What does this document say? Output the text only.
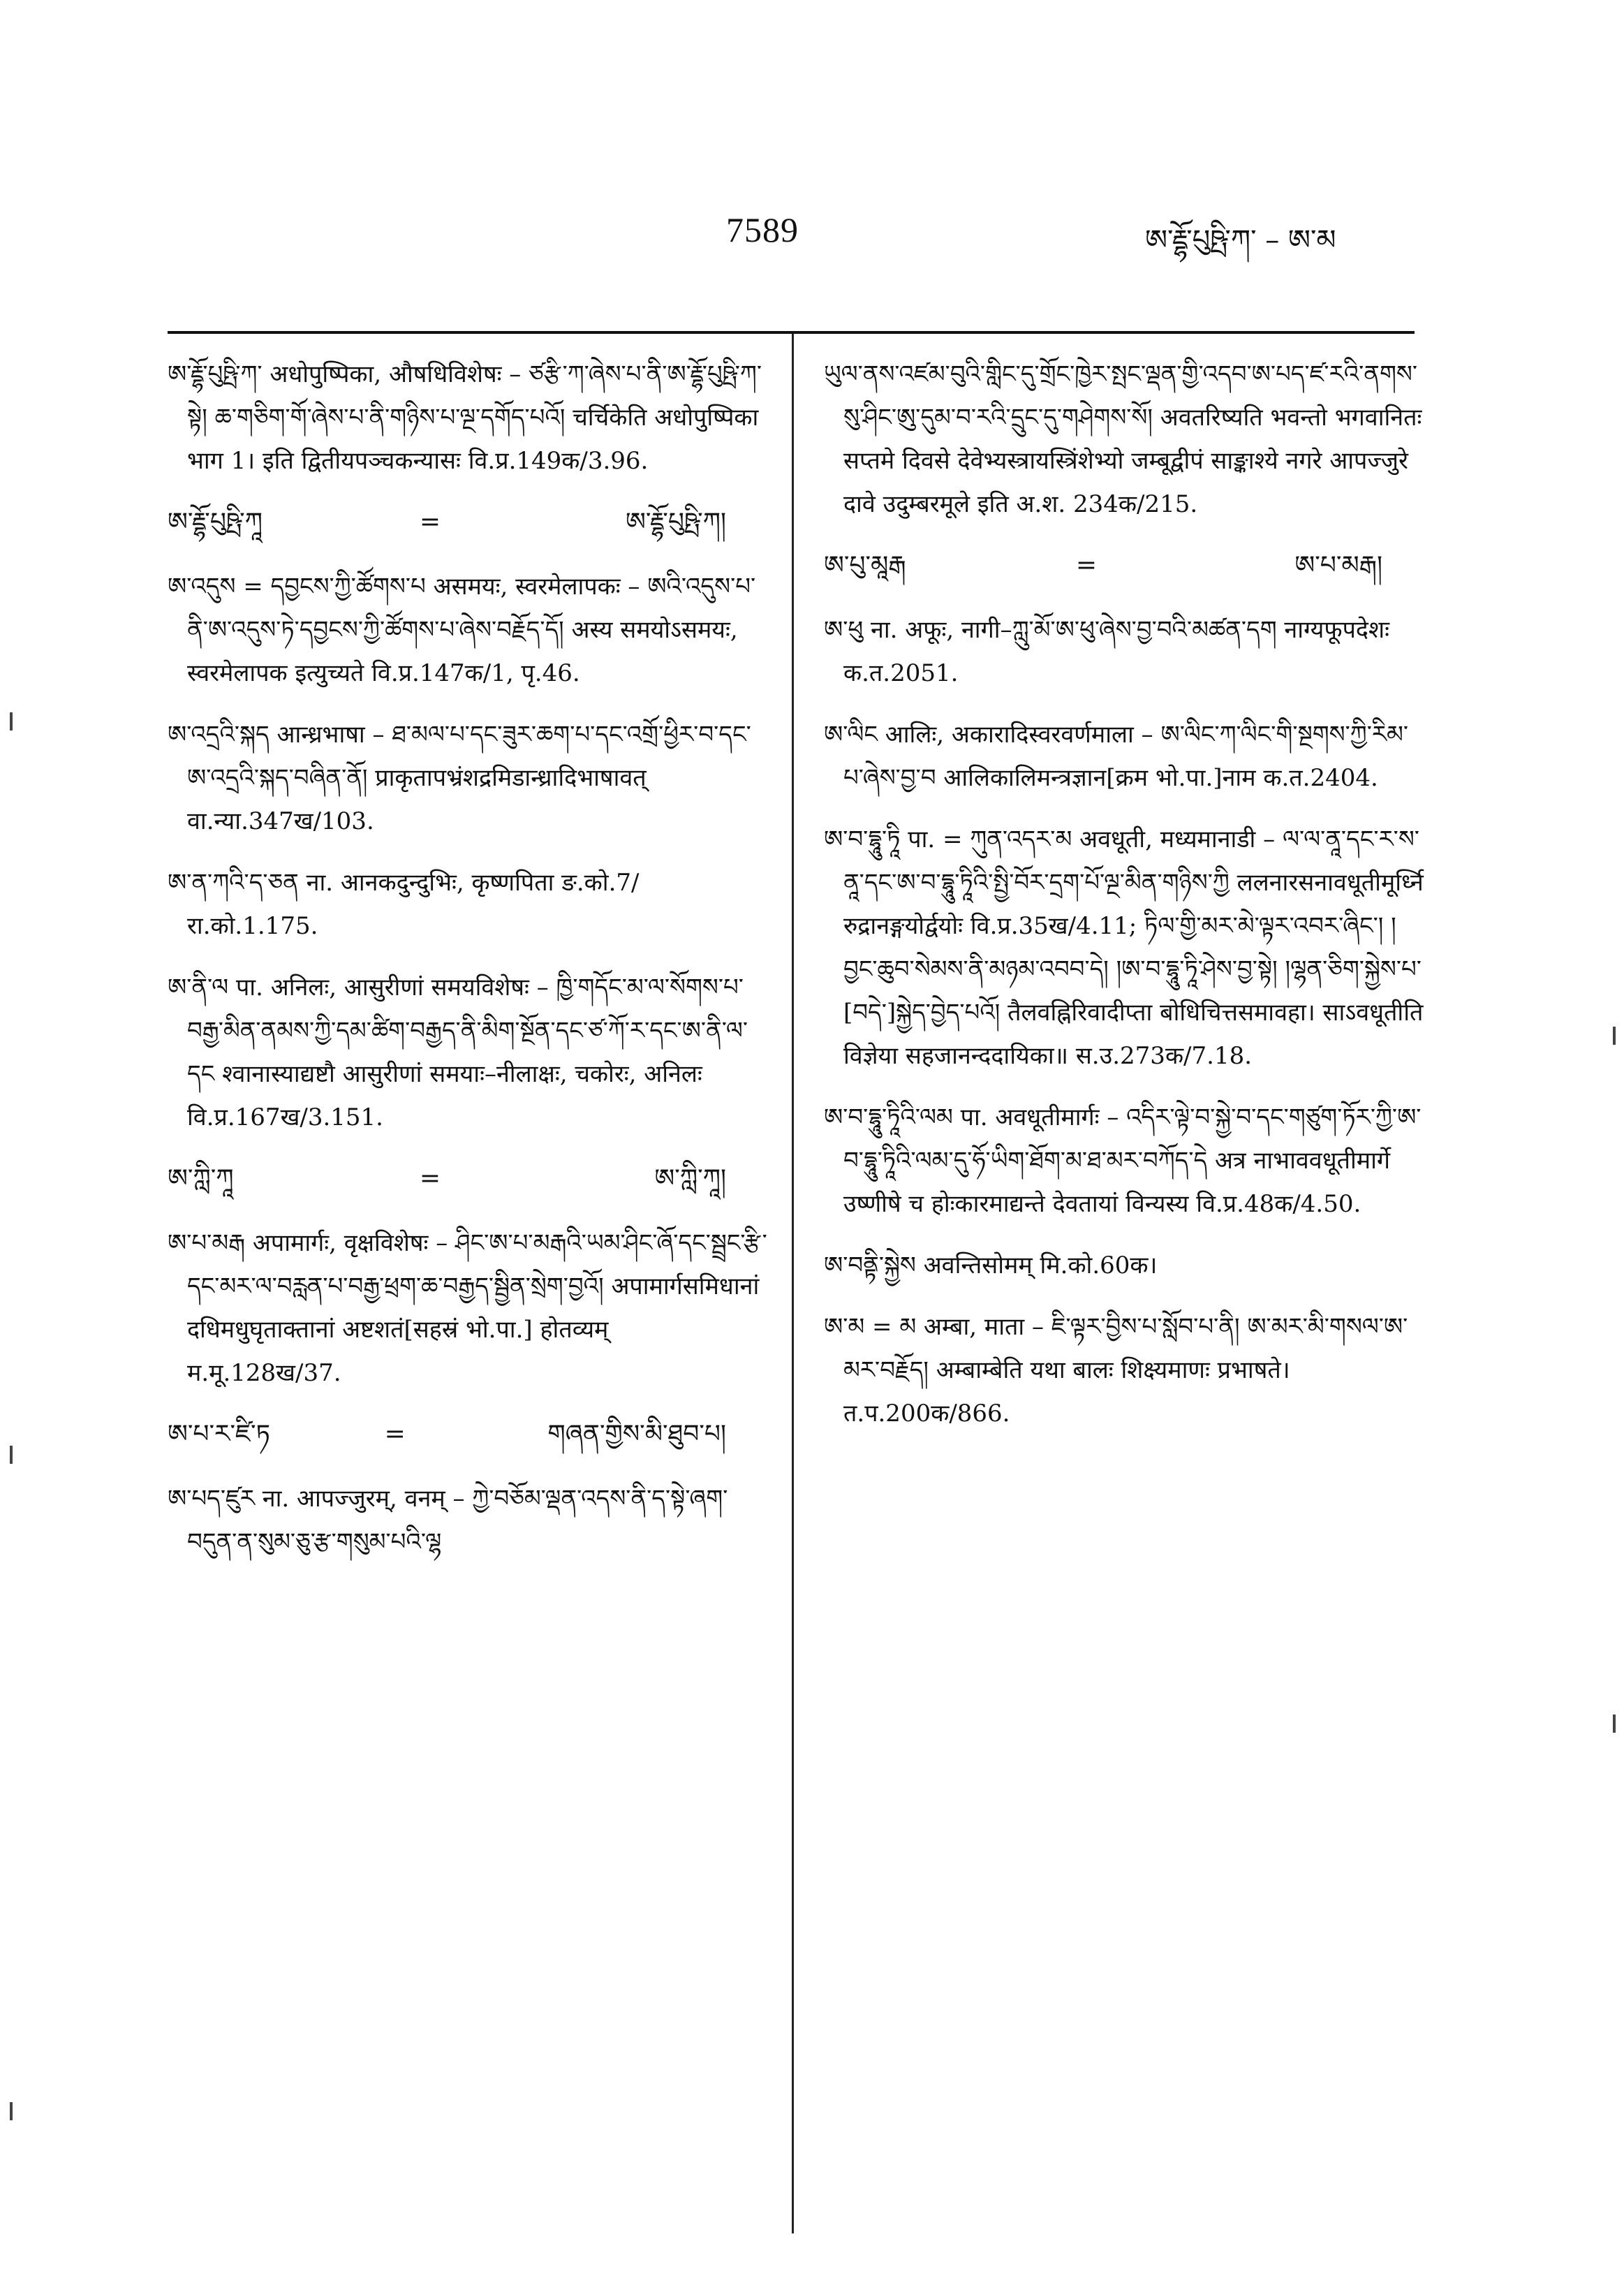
7589	ཨ་རྡྷོ་པུཥྤི་ཀ་ – ཨ་མ

ཨ་རྡྷོ་པུཥྤི་ཀ་ अधोपुष्पिका, औषधिविशेषः – ཙརྩི་ཀ་ཞེས་པ་ནི་ཨ་རྡྷོ་པུཥྤི་ཀ་སྟེ། ཆ་གཅིག་གོ་ཞེས་པ་ནི་གཉིས་པ་ལྔ་དགོད་པའོ། चर्चिकेति अधोपुष्पिका भाग 1। इति द्वितीयपञ्चकन्यासः वि.प्र.149क/3.96.

ཨ་རྡྷོ་པུཥྤི་ཀཱ	=	ཨ་རྡྷོ་པུཥྤི་ཀ།

ཨ་འདུས = དབྱངས་ཀྱི་ཚོགས་པ असमयः, स्वरमेलापकः – ཨའི་འདུས་པ་ནི་ཨ་འདུས་ཏེ་དབྱངས་ཀྱི་ཚོགས་པ་ཞེས་བརྗོད་དོ། अस्य समयोऽसमयः, स्वरमेलापक इत्युच्यते वि.प्र.147क/1, पृ.46.

ཨ་འདྲའི་སྐད आन्ध्रभाषा – ཐ་མལ་པ་དང་ཟུར་ཆག་པ་དང་འགྲོ་ཕྱིར་བ་དང་ཨ་འདྲའི་སྐད་བཞིན་ནོ། प्राकृतापभ्रंशद्रमिडान्ध्रादिभाषावत् वा.न्या.347ख/103.

ཨ་ན་ཀའི་ད་ཅན ना. आनकदुन्दुभिः, कृष्णपिता ङ.को.7/रा.को.1.175.

ཨ་ནི་ལ पा. अनिलः, आसुरीणां समयविशेषः – ཁྱི་གདོང་མ་ལ་སོགས་པ་བརྒྱ་མིན་ནམས་ཀྱི་དམ་ཚིག་བརྒྱད་ནི་མིག་སྔོན་དང་ཙ་ཀོ་ར་དང་ཨ་ནི་ལ་དང श्वानास्याद्यष्टौ आसुरीणां समयाः–नीलाक्षः, चकोरः, अनिलः वि.प्र.167ख/3.151.

ཨ་ཀླི་ཀཱ	=	ཨ་ཀླི་ཀཱ།

ཨ་པ་མརྒ अपामार्गः, वृक्षविशेषः – ཤིང་ཨ་པ་མརྒའི་ཡམ་ཤིང་ཞོ་དང་སྦྲང་རྩི་དང་མར་ལ་བརླན་པ་བརྒྱ་ཕྲག་ཆ་བརྒྱད་སྦྱིན་སྲེག་བྱའོ། अपामार्गसमिधानां दधिमधुघृताक्तानां अष्टशतं[सहस्रं भो.पा.] होतव्यम् म.मू.128ख/37.

ཨ་པ་ར་ཛི་ཏ	=	གཞན་གྱིས་མི་ཐུབ་པ།

ཨ་པད་ཛུར ना. आपज्जुरम्, वनम् – ཀྱེ་བཅོམ་ལྡན་འདས་ནི་ད་སྟེ་ཞག་བདུན་ན་སུམ་ཅུ་རྩ་གསུམ་པའི་ལྷ

ཡུལ་ནས་འཛམ་བུའི་གླིང་དུ་གྲོང་ཁྱེར་སྤང་ལྡན་གྱི་འདབ་ཨ་པད་ཛ་རའི་ནགས་སུ་ཤིང་ཨུ་དུམ་བ་རའི་དྲུང་དུ་གཤེགས་སོ། अवतरिष्यति भवन्तो भगवानितः सप्तमे दिवसे देवेभ्यस्त्रायस्त्रिंशेभ्यो जम्बूद्वीपं साङ्काश्ये नगरे आपज्जुरे दावे उदुम्बरमूले इति अ.श. 234क/215.

ཨ་པུ་མཱརྒ	=	ཨ་པ་མརྒ།

ཨ་ཕུ ना. अफूः, नागी–ཀླུ་མོ་ཨ་ཕུ་ཞེས་བྱ་བའི་མཚན་དག नाग्यफूपदेशः क.त.2051.

ཨ་ལིང आलिः, अकारादिस्वरवर्णमाला – ཨ་ལིང་ཀ་ལིང་གི་སྔགས་ཀྱི་རིམ་པ་ཞེས་བྱ་བ आलिकालिमन्त्रज्ञान[क्रम भो.पा.]नाम क.त.2404.

ཨ་བ་དྷཱུ་ཏཱི पा. = ཀུན་འདར་མ अवधूती, मध्यमानाडी – ལ་ལ་ནཱ་དང་ར་ས་ནཱ་དང་ཨ་བ་དྷཱུ་ཏཱིའི་སྤྱི་བོར་དྲག་པོ་ལྔ་མིན་གཉིས་ཀྱི ललनारसनावधूतीमूर्ध्नि रुद्रानङ्गयोर्द्वयोः वि.प्र.35ख/4.11; ཏིལ་གྱི་མར་མེ་ལྟར་འབར་ཞིང་། །བྱང་ཆུབ་སེམས་ནི་མཉམ་འབབ་དེ། །ཨ་བ་དྷཱུ་ཏཱི་ཤེས་བྱ་སྟེ། །ལྷན་ཅིག་སྐྱེས་པ་[བདེ་]སྐྱེད་བྱེད་པའོ། तैलवह्निरिवादीप्ता बोधिचित्तसमावहा। साऽवधूतीति विज्ञेया सहजानन्ददायिका॥ स.उ.273क/7.18.

ཨ་བ་དྷཱུ་ཏཱིའི་ལམ पा. अवधूतीमार्गः – འདིར་ལྟེ་བ་སྐྱེ་བ་དང་གཙུག་ཏོར་ཀྱི་ཨ་བ་དྷཱུ་ཏཱིའི་ལམ་དུ་ཧོ་ཡིག་ཐོག་མ་ཐ་མར་བཀོད་དེ अत्र नाभाववधूतीमार्गे उष्णीषे च होःकारमाद्यन्ते देवतायां विन्यस्य वि.प्र.48क/4.50.

ཨ་བནྟི་སྐྱེས अवन्तिसोमम् मि.को.60क।

ཨ་མ = མ अम्बा, माता – ཇི་ལྟར་བྱིས་པ་སློབ་པ་ནི། ཨ་མར་མི་གསལ་ཨ་མར་བརྗོད། अम्बाम्बेति यथा बालः शिक्ष्यमाणः प्रभाषते। त.प.200क/866.
